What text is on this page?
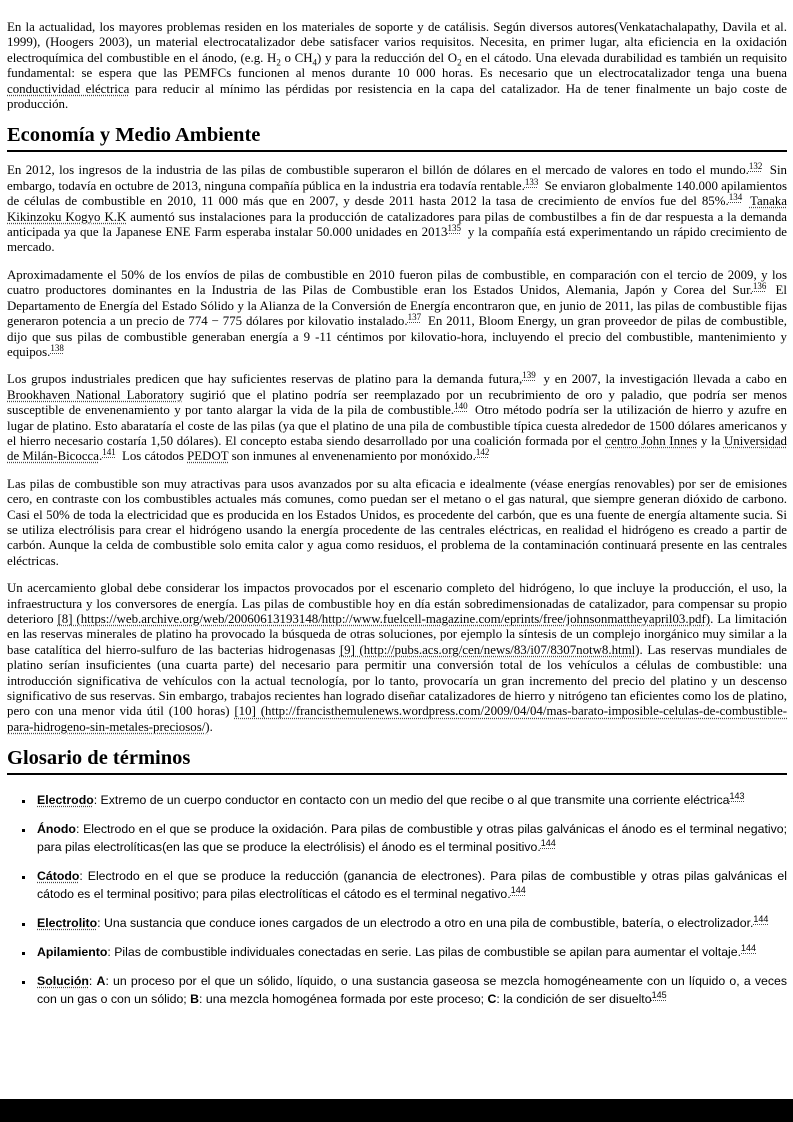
En la actualidad, los mayores problemas residen en los materiales de soporte y de catálisis. Según diversos autores(Venkatachalapathy, Davila et al. 1999), (Hoogers 2003), un material electrocatalizador debe satisfacer varios requisitos. Necesita, en primer lugar, alta eficiencia en la oxidación electroquímica del combustible en el ánodo, (e.g. $H_2$ o $CH_4$) y para la reducción del $O_2$ en el cátodo. Una elevada durabilidad es también un requisito fundamental: se espera que las PEMFCs funcionen al menos durante 10 000 horas. Es necesario que un electrocatalizador tenga una buena conductividad eléctrica para reducir al mínimo las pérdidas por resistencia en la capa del catalizador. Ha de tener finalmente un bajo coste de producción.

Economía y Medio Ambiente

En 2012, los ingresos de la industria de las pilas de combustible superaron el billón de dólares en el mercado de valores en todo el mundo.$^{132}$ Sin embargo, todavía en octubre de 2013, ninguna compañía pública en la industria era todavía rentable.$^{133}$ Se enviaron globalmente 140.000 apilamientos de células de combustible en 2010, 11 000 más que en 2007, y desde 2011 hasta 2012 la tasa de crecimiento de envíos fue del 85%.$^{134}$ Tanaka Kikinzoku Kogyo K.K aumentó sus instalaciones para la producción de catalizadores para pilas de combustilbes a fin de dar respuesta a la demanda anticipada ya que la Japanese ENE Farm esperaba instalar 50.000 unidades en 2013$^{135}$ y la compañía está experimentando un rápido crecimiento de mercado.

Aproximadamente el 50% de los envíos de pilas de combustible en 2010 fueron pilas de combustible, en comparación con el tercio de 2009, y los cuatro productores dominantes en la Industria de las Pilas de Combustible eran los Estados Unidos, Alemania, Japón y Corea del Sur.$^{136}$ El Departamento de Energía del Estado Sólido y la Alianza de la Conversión de Energía encontraron que, en junio de 2011, las pilas de combustible fijas generaron potencia a un precio de 774 − 775 dólares por kilovatio instalado.$^{137}$ En 2011, Bloom Energy, un gran proveedor de pilas de combustible, dijo que sus pilas de combustible generaban energía a 9 -11 céntimos por kilovatio-hora, incluyendo el precio del combustible, mantenimiento y equipos.$^{138}$

Los grupos industriales predicen que hay suficientes reservas de platino para la demanda futura,$^{139}$ y en 2007, la investigación llevada a cabo en Brookhaven National Laboratory sugirió que el platino podría ser reemplazado por un recubrimiento de oro y paladio, que podría ser menos susceptible de envenenamiento y por tanto alargar la vida de la pila de combustible.$^{140}$ Otro método podría ser la utilización de hierro y azufre en lugar de platino. Esto abarataría el coste de las pilas (ya que el platino de una pila de combustible típica cuesta alrededor de 1500 dólares americanos y el hierro necesario costaría 1,50 dólares). El concepto estaba siendo desarrollado por una coalición formada por el centro John Innes y la Universidad de Milán-Bicocca.$^{141}$ Los cátodos PEDOT son inmunes al envenenamiento por monóxido.$^{142}$

Las pilas de combustible son muy atractivas para usos avanzados por su alta eficacia e idealmente (véase energías renovables) por ser de emisiones cero, en contraste con los combustibles actuales más comunes, como puedan ser el metano o el gas natural, que siempre generan dióxido de carbono. Casi el 50% de toda la electricidad que es producida en los Estados Unidos, es procedente del carbón, que es una fuente de energía altamente sucia. Si se utiliza electrólisis para crear el hidrógeno usando la energía procedente de las centrales eléctricas, en realidad el hidrógeno es creado a partir de carbón. Aunque la celda de combustible solo emita calor y agua como residuos, el problema de la contaminación continuará presente en las centrales eléctricas.

Un acercamiento global debe considerar los impactos provocados por el escenario completo del hidrógeno, lo que incluye la producción, el uso, la infraestructura y los conversores de energía. Las pilas de combustible hoy en día están sobredimensionadas de catalizador, para compensar su propio deterioro [8] (https://web.archive.org/web/20060613193148/http://www.fuelcell-magazine.com/eprints/free/johnsonmattheyapril03.pdf). La limitación en las reservas minerales de platino ha provocado la búsqueda de otras soluciones, por ejemplo la síntesis de un complejo inorgánico muy similar a la base catalítica del hierro-sulfuro de las bacterias hidrogenasas [9] (http://pubs.acs.org/cen/news/83/i07/8307notw8.html). Las reservas mundiales de platino serían insuficientes (una cuarta parte) del necesario para permitir una conversión total de los vehículos a células de combustible: una introducción significativa de vehículos con la actual tecnología, por lo tanto, provocaría un gran incremento del precio del platino y un descenso significativo de sus reservas. Sin embargo, trabajos recientes han logrado diseñar catalizadores de hierro y nitrógeno tan eficientes como los de platino, pero con una menor vida útil (100 horas) [10] (http://francisthemulenews.wordpress.com/2009/04/04/mas-barato-imposible-celulas-de-combustible-para-hidrogeno-sin-metales-preciosos/).

Glosario de términos
▪ Electrodo: Extremo de un cuerpo conductor en contacto con un medio del que recibe o al que transmite una corriente eléctrica$^{143}$
▪ Ánodo: Electrodo en el que se produce la oxidación. Para pilas de combustible y otras pilas galvánicas el ánodo es el terminal negativo; para pilas electrolíticas(en las que se produce la electrólisis) el ánodo es el terminal positivo.$^{144}$
▪ Cátodo: Electrodo en el que se produce la reducción (ganancia de electrones). Para pilas de combustible y otras pilas galvánicas el cátodo es el terminal positivo; para pilas electrolíticas el cátodo es el terminal negativo.$^{144}$
▪ Electrolito: Una sustancia que conduce iones cargados de un electrodo a otro en una pila de combustible, batería, o electrolizador.$^{144}$
▪ Apilamiento: Pilas de combustible individuales conectadas en serie. Las pilas de combustible se apilan para aumentar el voltaje.$^{144}$
▪ Solución: A: un proceso por el que un sólido, líquido, o una sustancia gaseosa se mezcla homogéneamente con un líquido o, a veces con un gas o con un sólido; B: una mezcla homogénea formada por este proceso; C: la condición de ser disuelto$^{145}$
